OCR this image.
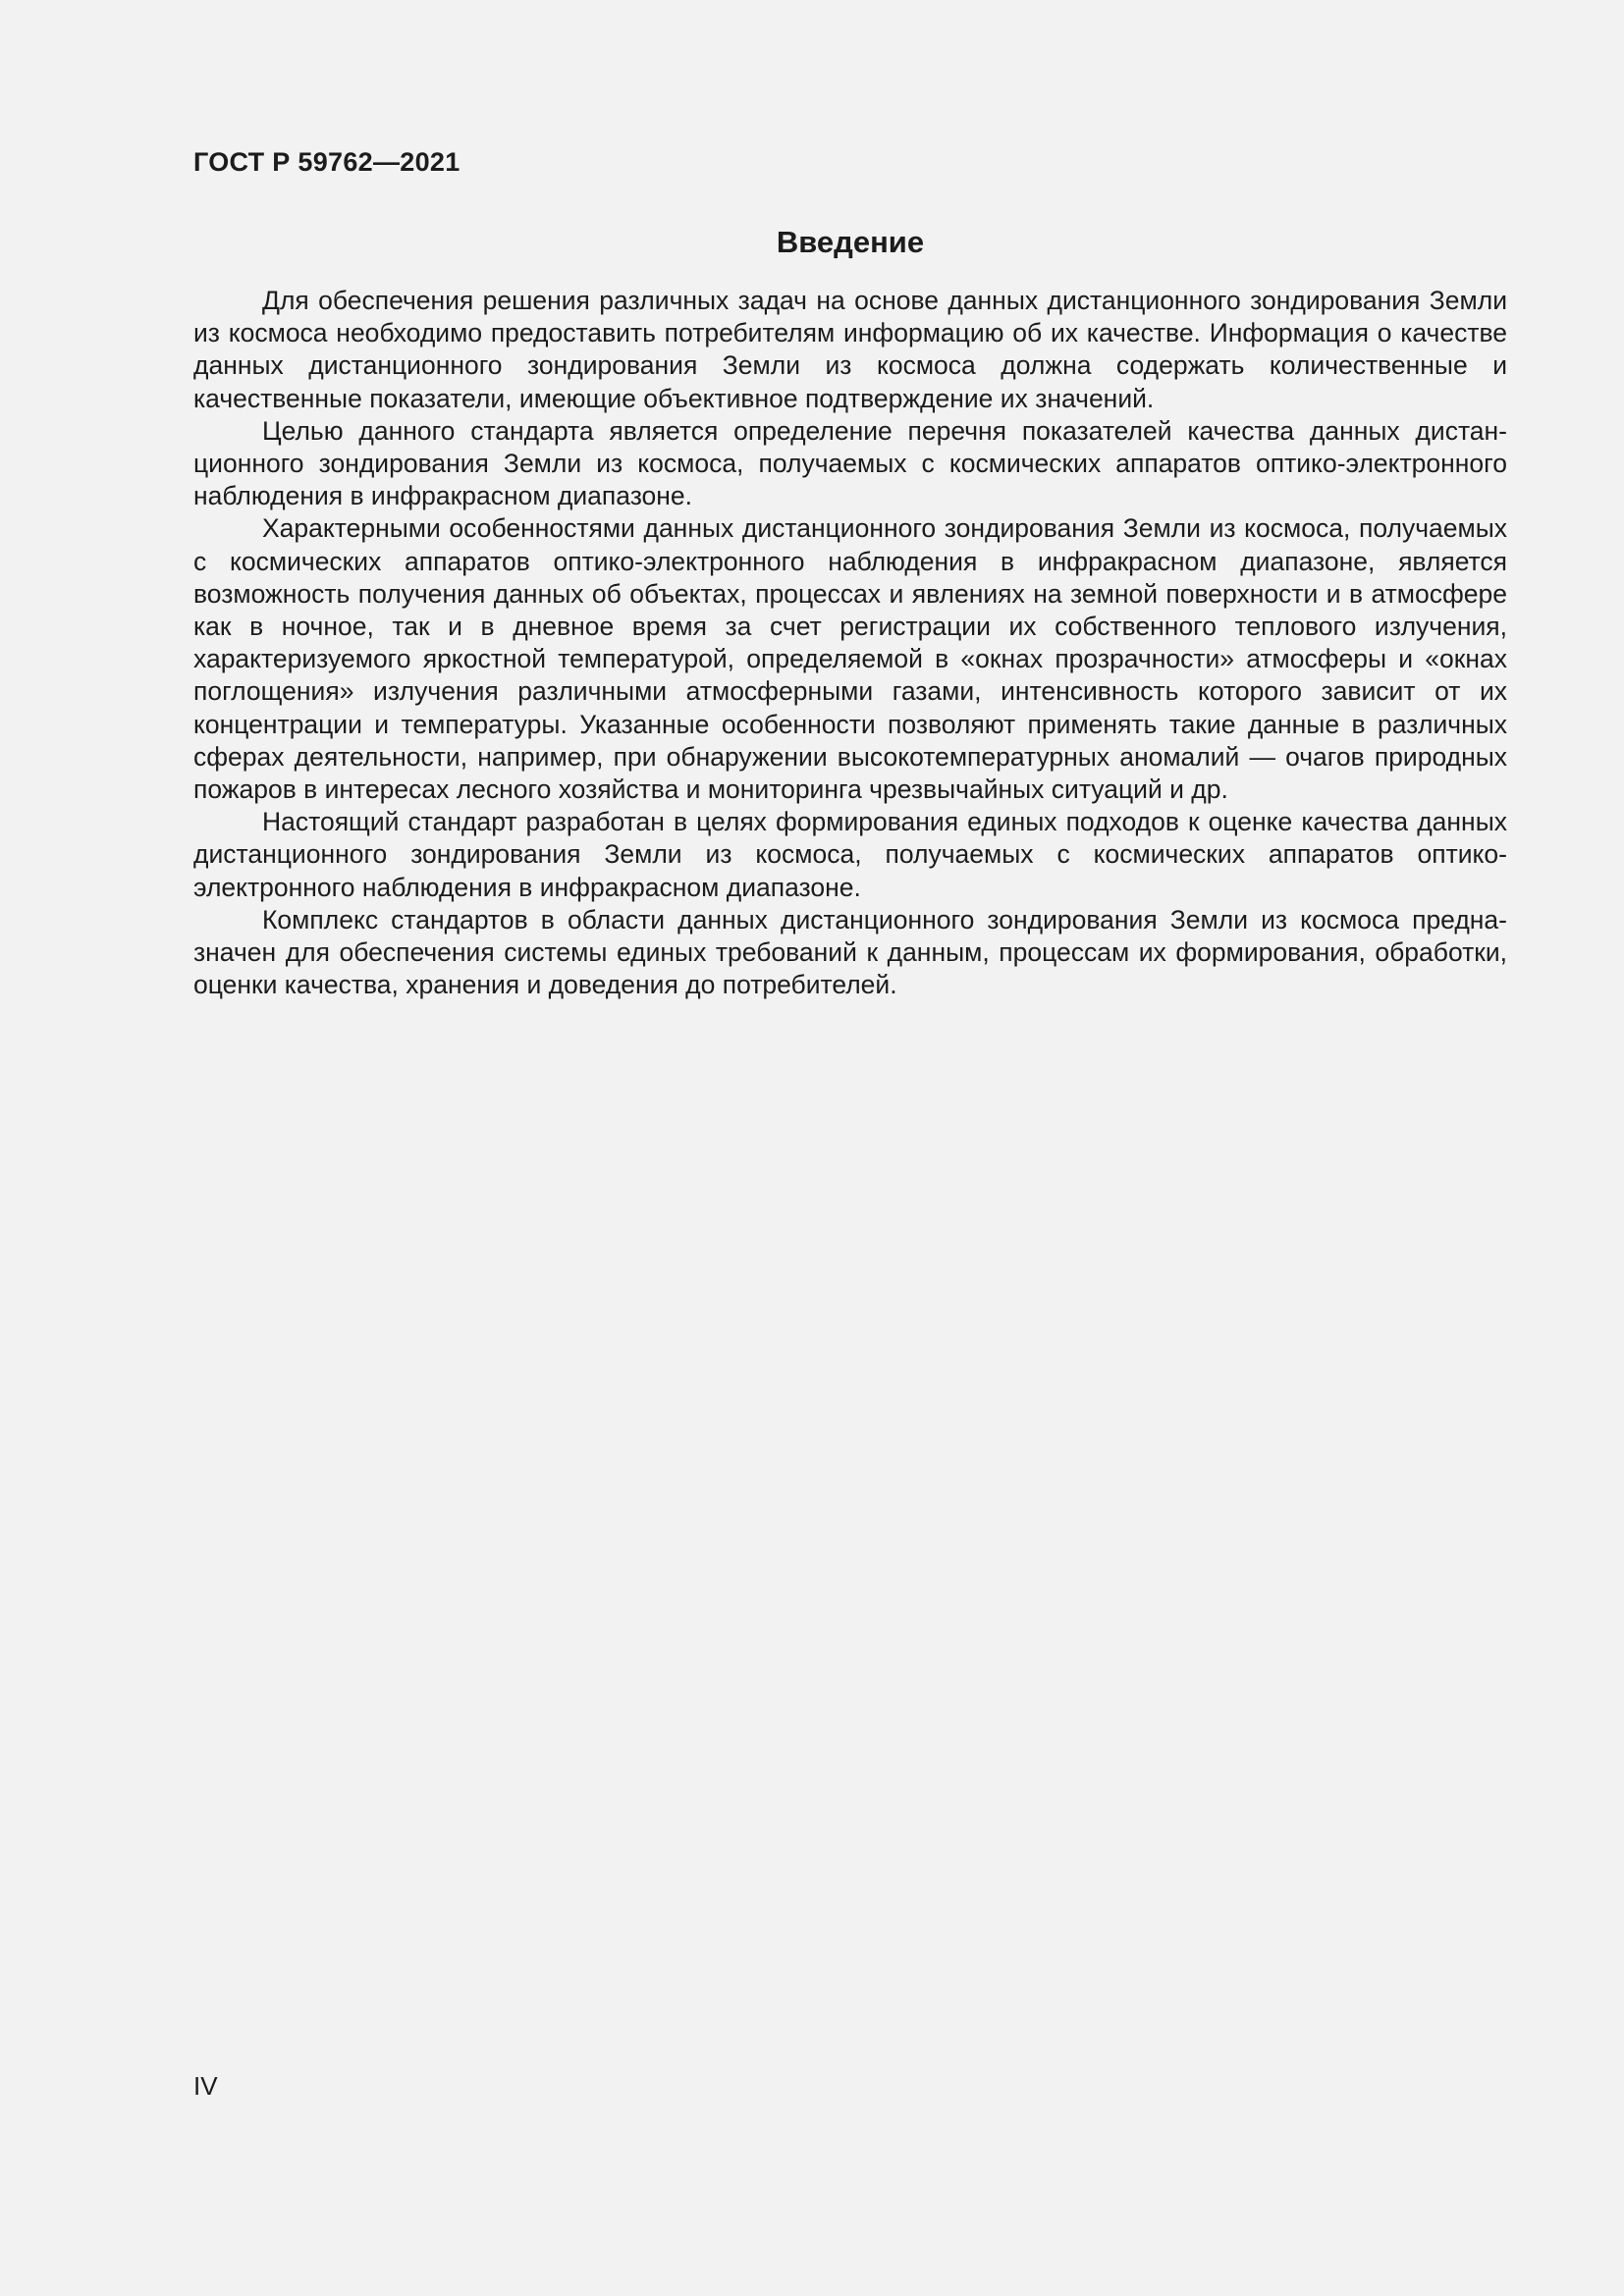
ГОСТ Р 59762—2021
Введение

Для обеспечения решения различных задач на основе данных дистанционного зондирования Земли из космоса необходимо предоставить потребителям информацию об их качестве. Информация о качестве данных дистанционного зондирования Земли из космоса должна содержать количественные и качественные показатели, имеющие объективное подтверждение их значений.

Целью данного стандарта является определение перечня показателей качества данных дистанционного зондирования Земли из космоса, получаемых с космических аппаратов оптико-электронного наблюдения в инфракрасном диапазоне.

Характерными особенностями данных дистанционного зондирования Земли из космоса, получаемых с космических аппаратов оптико-электронного наблюдения в инфракрасном диапазоне, является возможность получения данных об объектах, процессах и явлениях на земной поверхности и в атмосфере как в ночное, так и в дневное время за счет регистрации их собственного теплового излучения, характеризуемого яркостной температурой, определяемой в «окнах прозрачности» атмосферы и «окнах поглощения» излучения различными атмосферными газами, интенсивность которого зависит от их концентрации и температуры. Указанные особенности позволяют применять такие данные в различных сферах деятельности, например, при обнаружении высокотемпературных аномалий — очагов природных пожаров в интересах лесного хозяйства и мониторинга чрезвычайных ситуаций и др.

Настоящий стандарт разработан в целях формирования единых подходов к оценке качества данных дистанционного зондирования Земли из космоса, получаемых с космических аппаратов оптико-электронного наблюдения в инфракрасном диапазоне.

Комплекс стандартов в области данных дистанционного зондирования Земли из космоса предназначен для обеспечения системы единых требований к данным, процессам их формирования, обработки, оценки качества, хранения и доведения до потребителей.

IV
